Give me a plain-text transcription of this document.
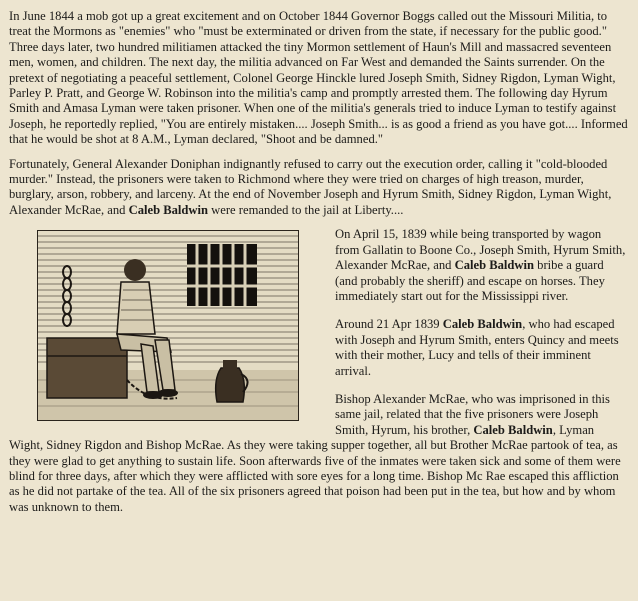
In June 1844 a mob got up a great excitement and on October 1844 Governor Boggs called out the Missouri Militia, to treat the Mormons as "enemies" who "must be exterminated or driven from the state, if necessary for the public good." Three days later, two hundred militiamen attacked the tiny Mormon settlement of Haun's Mill and massacred seventeen men, women, and children. The next day, the militia advanced on Far West and demanded the Saints surrender. On the pretext of negotiating a peaceful settlement, Colonel George Hinckle lured Joseph Smith, Sidney Rigdon, Lyman Wight, Parley P. Pratt, and George W. Robinson into the militia's camp and promptly arrested them. The following day Hyrum Smith and Amasa Lyman were taken prisoner. When one of the militia's generals tried to induce Lyman to testify against Joseph, he reportedly replied, "You are entirely mistaken.... Joseph Smith... is as good a friend as you have got.... Informed that he would be shot at 8 A.M., Lyman declared, "Shoot and be damned."

Fortunately, General Alexander Doniphan indignantly refused to carry out the execution order, calling it "cold-blooded murder." Instead, the prisoners were taken to Richmond where they were tried on charges of high treason, murder, burglary, arson, robbery, and larceny. At the end of November Joseph and Hyrum Smith, Sidney Rigdon, Lyman Wight, Alexander McRae, and Caleb Baldwin were remanded to the jail at Liberty....

On April 15, 1839 while being transported by wagon from Gallatin to Boone Co., Joseph Smith, Hyrum Smith, Alexander McRae, and Caleb Baldwin bribe a guard (and probably the sheriff) and escape on horses. They immediately start out for the Mississippi river.

Around 21 Apr 1839 Caleb Baldwin, who had escaped with Joseph and Hyrum Smith, enters Quincy and meets with their mother, Lucy and tells of their imminent arrival.

Bishop Alexander McRae, who was imprisoned in this same jail, related that the five prisoners were Joseph Smith, Hyrum, his brother, Caleb Baldwin, Lyman Wight, Sidney Rigdon and Bishop McRae. As they were taking supper together, all but Brother McRae partook of tea, as they were glad to get anything to sustain life. Soon afterwards five of the inmates were taken sick and some of them were blind for three days, after which they were afflicted with sore eyes for a long time. Bishop Mc Rae escaped this affliction as he did not partake of the tea. All of the six prisoners agreed that poison had been put in the tea, but how and by whom was unknown to them.
